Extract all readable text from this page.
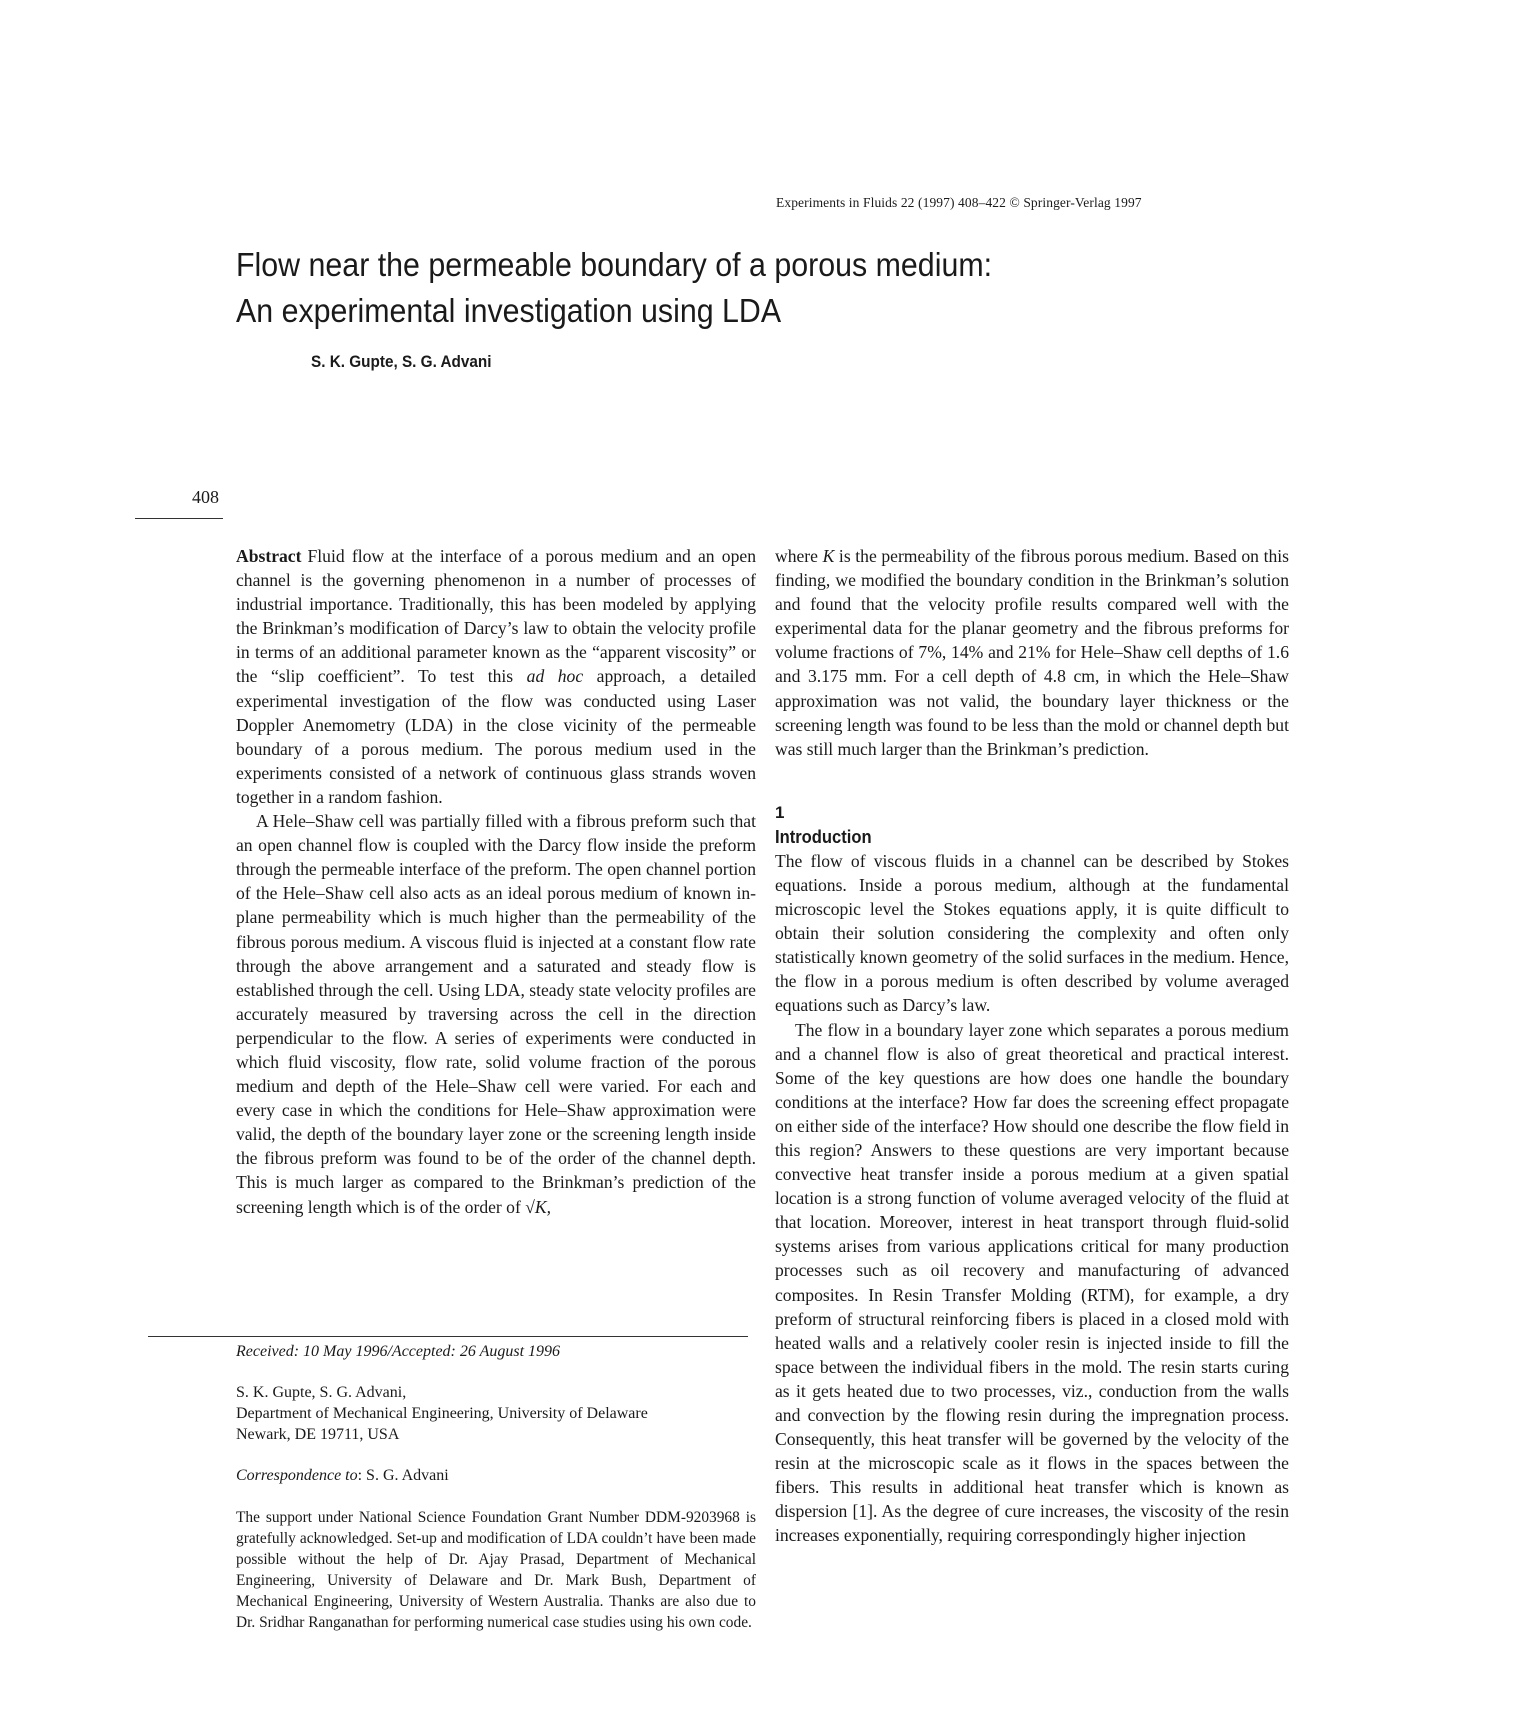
Experiments in Fluids 22 (1997) 408–422 © Springer-Verlag 1997
Flow near the permeable boundary of a porous medium:
An experimental investigation using LDA
S. K. Gupte, S. G. Advani
408

Abstract Fluid flow at the interface of a porous medium and an open channel is the governing phenomenon in a number of processes of industrial importance. Traditionally, this has been modeled by applying the Brinkman’s modification of Darcy’s law to obtain the velocity profile in terms of an additional parameter known as the “apparent viscosity” or the “slip coefficient”. To test this ad hoc approach, a detailed experimental investigation of the flow was conducted using Laser Doppler Anemometry (LDA) in the close vicinity of the permeable boundary of a porous medium. The porous medium used in the experiments consisted of a network of continuous glass strands woven together in a random fashion.

A Hele–Shaw cell was partially filled with a fibrous preform such that an open channel flow is coupled with the Darcy flow inside the preform through the permeable interface of the preform. The open channel portion of the Hele–Shaw cell also acts as an ideal porous medium of known in-plane permeability which is much higher than the permeability of the fibrous porous medium. A viscous fluid is injected at a constant flow rate through the above arrangement and a saturated and steady flow is established through the cell. Using LDA, steady state velocity profiles are accurately measured by traversing across the cell in the direction perpendicular to the flow. A series of experiments were conducted in which fluid viscosity, flow rate, solid volume fraction of the porous medium and depth of the Hele–Shaw cell were varied. For each and every case in which the conditions for Hele–Shaw approximation were valid, the depth of the boundary layer zone or the screening length inside the fibrous preform was found to be of the order of the channel depth. This is much larger as compared to the Brinkman’s prediction of the screening length which is of the order of √K,

Received: 10 May 1996/Accepted: 26 August 1996
S. K. Gupte, S. G. Advani,
Department of Mechanical Engineering, University of Delaware
Newark, DE 19711, USA
Correspondence to: S. G. Advani
The support under National Science Foundation Grant Number DDM-9203968 is gratefully acknowledged. Set-up and modification of LDA couldn’t have been made possible without the help of Dr. Ajay Prasad, Department of Mechanical Engineering, University of Delaware and Dr. Mark Bush, Department of Mechanical Engineering, University of Western Australia. Thanks are also due to Dr. Sridhar Ranganathan for performing numerical case studies using his own code.

where K is the permeability of the fibrous porous medium. Based on this finding, we modified the boundary condition in the Brinkman’s solution and found that the velocity profile results compared well with the experimental data for the planar geometry and the fibrous preforms for volume fractions of 7%, 14% and 21% for Hele–Shaw cell depths of 1.6 and 3.175 mm. For a cell depth of 4.8 cm, in which the Hele–Shaw approximation was not valid, the boundary layer thickness or the screening length was found to be less than the mold or channel depth but was still much larger than the Brinkman’s prediction.

1
Introduction

The flow of viscous fluids in a channel can be described by Stokes equations. Inside a porous medium, although at the fundamental microscopic level the Stokes equations apply, it is quite difficult to obtain their solution considering the complexity and often only statistically known geometry of the solid surfaces in the medium. Hence, the flow in a porous medium is often described by volume averaged equations such as Darcy’s law.

The flow in a boundary layer zone which separates a porous medium and a channel flow is also of great theoretical and practical interest. Some of the key questions are how does one handle the boundary conditions at the interface? How far does the screening effect propagate on either side of the interface? How should one describe the flow field in this region? Answers to these questions are very important because convective heat transfer inside a porous medium at a given spatial location is a strong function of volume averaged velocity of the fluid at that location. Moreover, interest in heat transport through fluid-solid systems arises from various applications critical for many production processes such as oil recovery and manufacturing of advanced composites. In Resin Transfer Molding (RTM), for example, a dry preform of structural reinforcing fibers is placed in a closed mold with heated walls and a relatively cooler resin is injected inside to fill the space between the individual fibers in the mold. The resin starts curing as it gets heated due to two processes, viz., conduction from the walls and convection by the flowing resin during the impregnation process. Consequently, this heat transfer will be governed by the velocity of the resin at the microscopic scale as it flows in the spaces between the fibers. This results in additional heat transfer which is known as dispersion [1]. As the degree of cure increases, the viscosity of the resin increases exponentially, requiring correspondingly higher injection
